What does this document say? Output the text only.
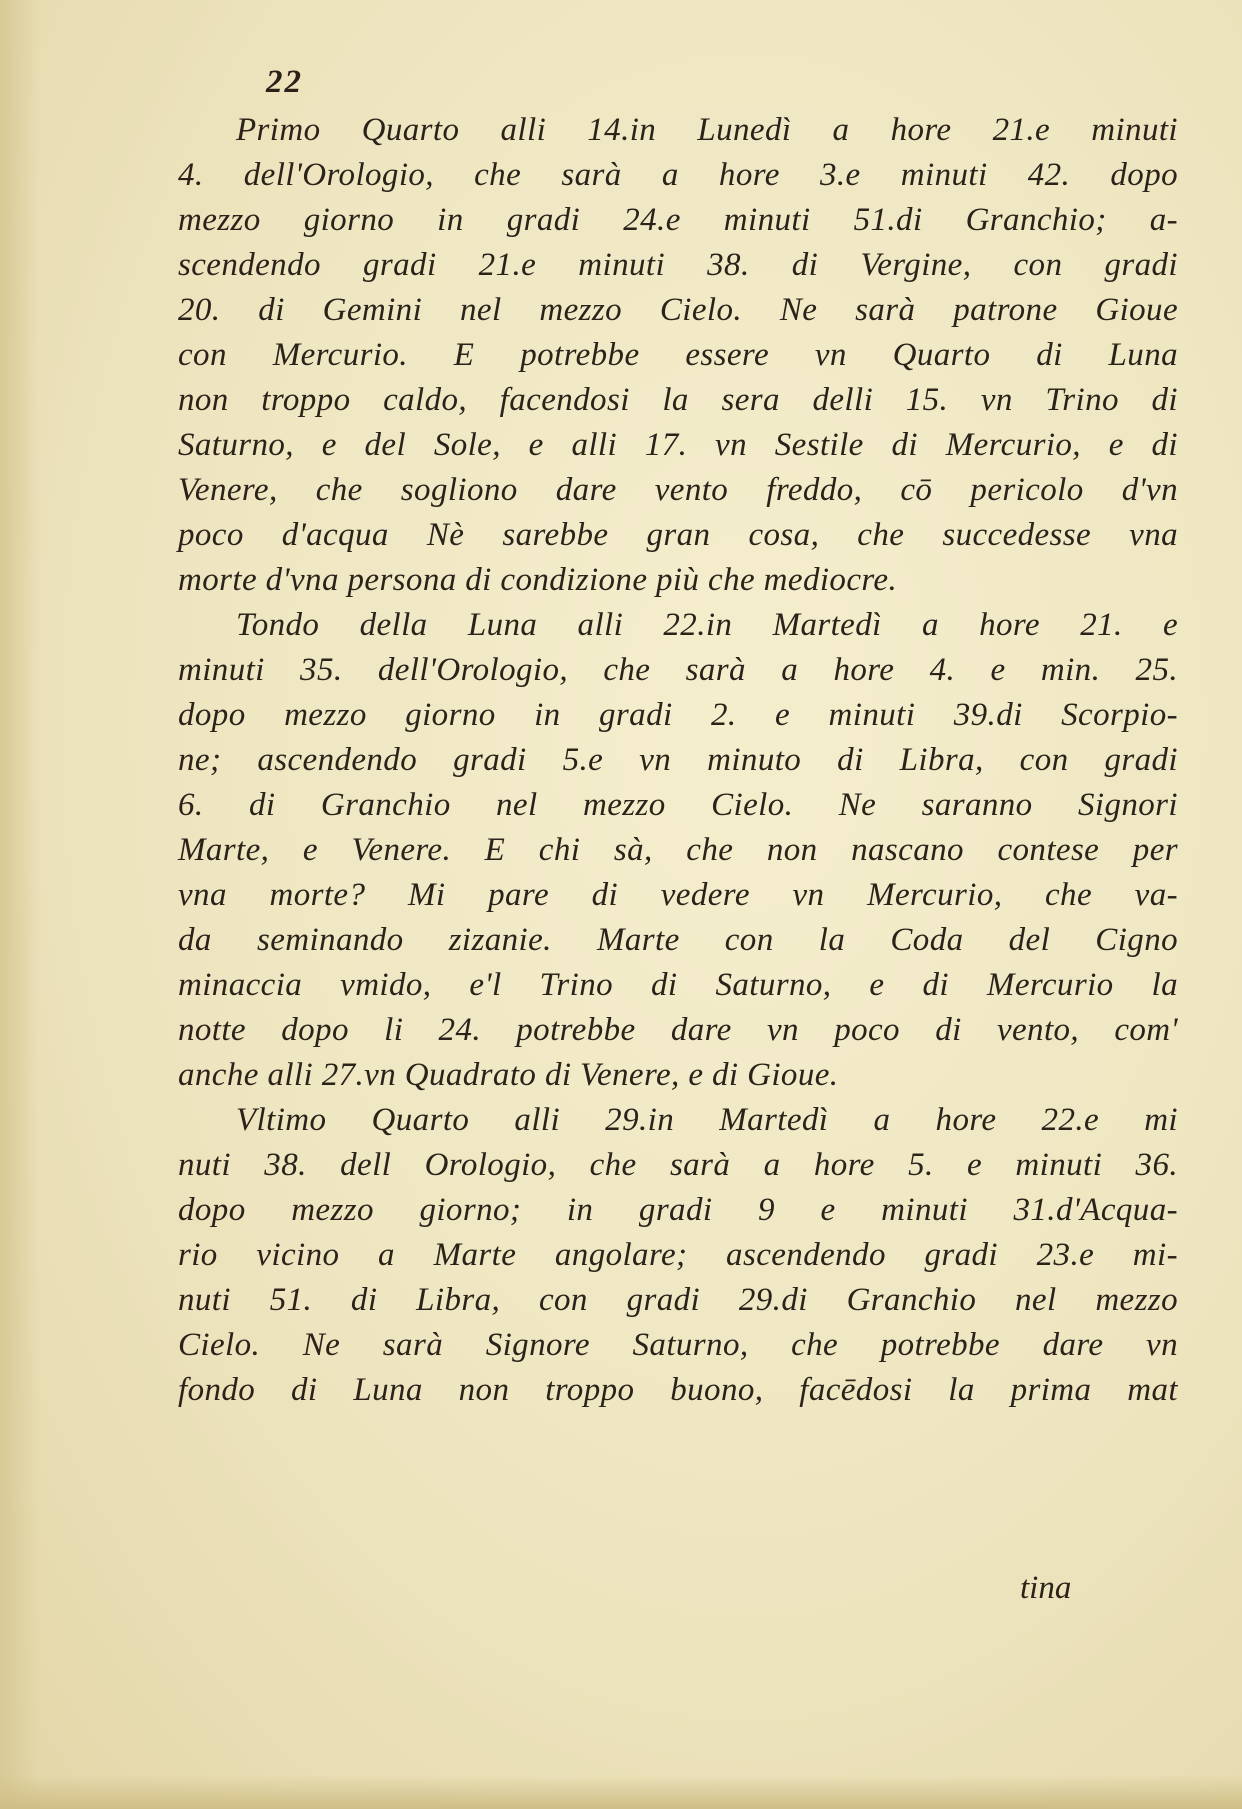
22
Primo Quarto alli 14.in Lunedì a hore 21.e minuti
4. dell'Orologio, che sarà a hore 3.e minuti 42. dopo
mezzo giorno in gradi 24.e minuti 51.di Granchio; a-
scendendo gradi 21.e minuti 38. di Vergine, con gradi
20. di Gemini nel mezzo Cielo. Ne sarà patrone Gioue
con Mercurio. E potrebbe essere vn Quarto di Luna
non troppo caldo, facendosi la sera delli 15. vn Trino di
Saturno, e del Sole, e alli 17. vn Sestile di Mercurio, e di
Venere, che sogliono dare vento freddo, cō pericolo d'vn
poco d'acqua Nè sarebbe gran cosa, che succedesse vna
morte d'vna persona di condizione più che mediocre.
Tondo della Luna alli 22.in Martedì a hore 21. e
minuti 35. dell'Orologio, che sarà a hore 4. e min. 25.
dopo mezzo giorno in gradi 2. e minuti 39.di Scorpio-
ne; ascendendo gradi 5.e vn minuto di Libra, con gradi
6. di Granchio nel mezzo Cielo. Ne saranno Signori
Marte, e Venere. E chi sà, che non nascano contese per
vna morte? Mi pare di vedere vn Mercurio, che va-
da seminando zizanie. Marte con la Coda del Cigno
minaccia vmido, e'l Trino di Saturno, e di Mercurio la
notte dopo li 24. potrebbe dare vn poco di vento, com'
anche alli 27.vn Quadrato di Venere, e di Gioue.
Vltimo Quarto alli 29.in Martedì a hore 22.e mi
nuti 38. dell Orologio, che sarà a hore 5. e minuti 36.
dopo mezzo giorno; in gradi 9 e minuti 31.d'Acqua-
rio vicino a Marte angolare; ascendendo gradi 23.e mi-
nuti 51. di Libra, con gradi 29.di Granchio nel mezzo
Cielo. Ne sarà Signore Saturno, che potrebbe dare vn
fondo di Luna non troppo buono, facēdosi la prima mat
tina
